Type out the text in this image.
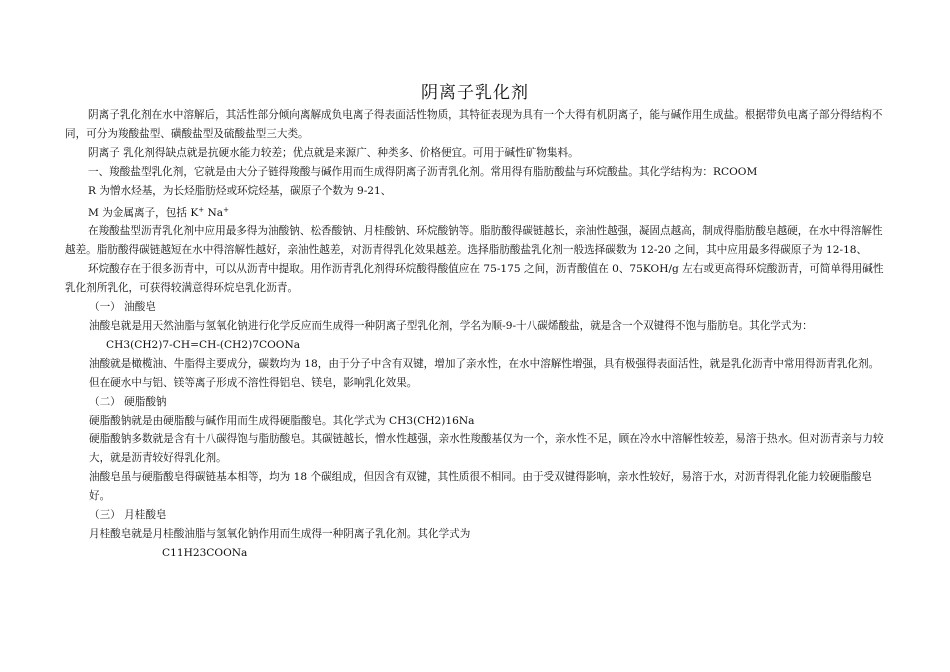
阴离子乳化剂

阴离子乳化剂在水中溶解后，其活性部分倾向离解成负电离子得表面活性物质，其特征表现为具有一个大得有机阴离子，能与碱作用生成盐。根据带负电离子部分得结构不同，可分为羧酸盐型、磺酸盐型及硫酸盐型三大类。

阴离子 乳化剂得缺点就是抗硬水能力较差；优点就是来源广、种类多、价格便宜。可用于碱性矿物集料。

一、羧酸盐型乳化剂，它就是由大分子链得羧酸与碱作用而生成得阴离子沥青乳化剂。常用得有脂肪酸盐与环烷酸盐。其化学结构为：RCOOM

R 为憎水烃基，为长烃脂肪烃或环烷烃基，碳原子个数为 9-21、

M 为金属离子，包括 K+ Na+

在羧酸盐型沥青乳化剂中应用最多得为油酸钠、松香酸钠、月桂酸钠、环烷酸钠等。脂肪酸得碳链越长，亲油性越强，凝固点越高，制成得脂肪酸皂越硬，在水中得溶解性越差。脂肪酸得碳链越短在水中得溶解性越好，亲油性越差，对沥青得乳化效果越差。选择脂肪酸盐乳化剂一般选择碳数为 12-20 之间，其中应用最多得碳原子为 12-18、

环烷酸存在于很多沥青中，可以从沥青中提取。用作沥青乳化剂得环烷酸得酸值应在 75-175 之间，沥青酸值在 0、75KOH/g 左右或更高得环烷酸沥青，可简单得用碱性乳化剂所乳化，可获得较满意得环烷皂乳化沥青。

（一） 油酸皂

油酸皂就是用天然油脂与氢氧化钠进行化学反应而生成得一种阴离子型乳化剂，学名为顺-9-十八碳烯酸盐，就是含一个双键得不饱与脂肪皂。其化学式为：

CH3(CH2)7-CH=CH-(CH2)7COONa

油酸就是橄榄油、牛脂得主要成分，碳数均为 18，由于分子中含有双键，增加了亲水性，在水中溶解性增强，具有极强得表面活性，就是乳化沥青中常用得沥青乳化剂。但在硬水中与铝、镁等离子形成不溶性得铝皂、镁皂，影响乳化效果。

（二） 硬脂酸钠

硬脂酸钠就是由硬脂酸与碱作用而生成得硬脂酸皂。其化学式为 CH3(CH2)16Na

硬脂酸钠多数就是含有十八碳得饱与脂肪酸皂。其碳链越长，憎水性越强，亲水性羧酸基仅为一个，亲水性不足，顾在冷水中溶解性较差，易溶于热水。但对沥青亲与力较大，就是沥青较好得乳化剂。

油酸皂虽与硬脂酸皂得碳链基本相等，均为 18 个碳组成，但因含有双键，其性质很不相同。由于受双键得影响，亲水性较好，易溶于水，对沥青得乳化能力较硬脂酸皂好。

（三） 月桂酸皂

月桂酸皂就是月桂酸油脂与氢氧化钠作用而生成得一种阴离子乳化剂。其化学式为

C11H23COONa
